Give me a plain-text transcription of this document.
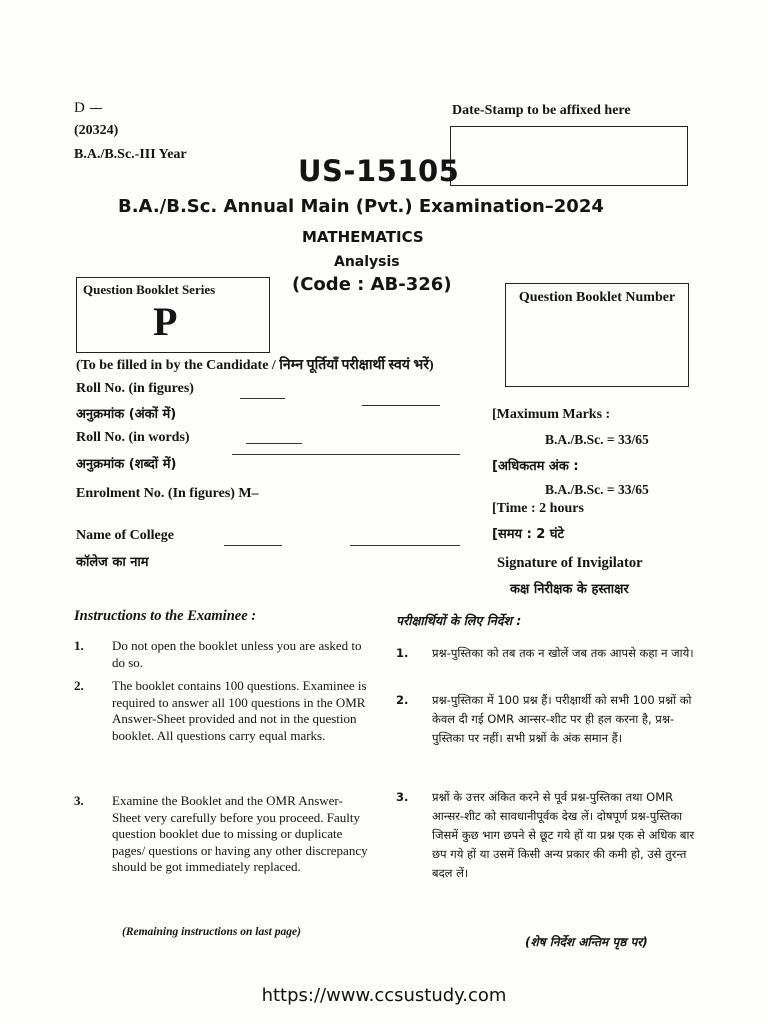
D
(20324)
B.A./B.Sc.-III Year
Date-Stamp to be affixed here
US-15105
B.A./B.Sc. Annual Main (Pvt.) Examination–2024
MATHEMATICS
Analysis
(Code : AB-326)
Question Booklet Series
P
Question Booklet Number
(To be filled in by the Candidate / निम्न पूर्तियाँ परीक्षार्थी स्वयं भरें)
Roll No. (in figures)
अनुक्रमांक (अंकों में)
Roll No. (in words)
अनुक्रमांक (शब्दों में)
Enrolment No. (In figures) M–
Name of College
कॉलेज का नाम
[Maximum Marks :
B.A./B.Sc. = 33/65
[अधिकतम अंक :
B.A./B.Sc. = 33/65
[Time : 2 hours
[समय : 2 घंटे
Signature of Invigilator
कक्ष निरीक्षक के हस्ताक्षर
Instructions to the Examinee :
1. Do not open the booklet unless you are asked to do so.
2. The booklet contains 100 questions. Examinee is required to answer all 100 questions in the OMR Answer-Sheet provided and not in the question booklet. All questions carry equal marks.
3. Examine the Booklet and the OMR Answer-Sheet very carefully before you proceed. Faulty question booklet due to missing or duplicate pages/ questions or having any other discrepancy should be got immediately replaced.
(Remaining instructions on last page)
परीक्षार्थियों के लिए निर्देश :
1. प्रश्न-पुस्तिका को तब तक न खोलें जब तक आपसे कहा न जाये।
2. प्रश्न-पुस्तिका में 100 प्रश्न हैं। परीक्षार्थी को सभी 100 प्रश्नों को केवल दी गई OMR आन्सर-शीट पर ही हल करना है, प्रश्न-पुस्तिका पर नहीं। सभी प्रश्नों के अंक समान हैं।
3. प्रश्नों के उत्तर अंकित करने से पूर्व प्रश्न-पुस्तिका तथा OMR आन्सर-शीट को सावधानीपूर्वक देख लें। दोषपूर्ण प्रश्न-पुस्तिका जिसमें कुछ भाग छपने से छूट गये हों या प्रश्न एक से अधिक बार छप गये हों या उसमें किसी अन्य प्रकार की कमी हो, उसे तुरन्त बदल लें।
(शेष निर्देश अन्तिम पृष्ठ पर)
https://www.ccsustudy.com
